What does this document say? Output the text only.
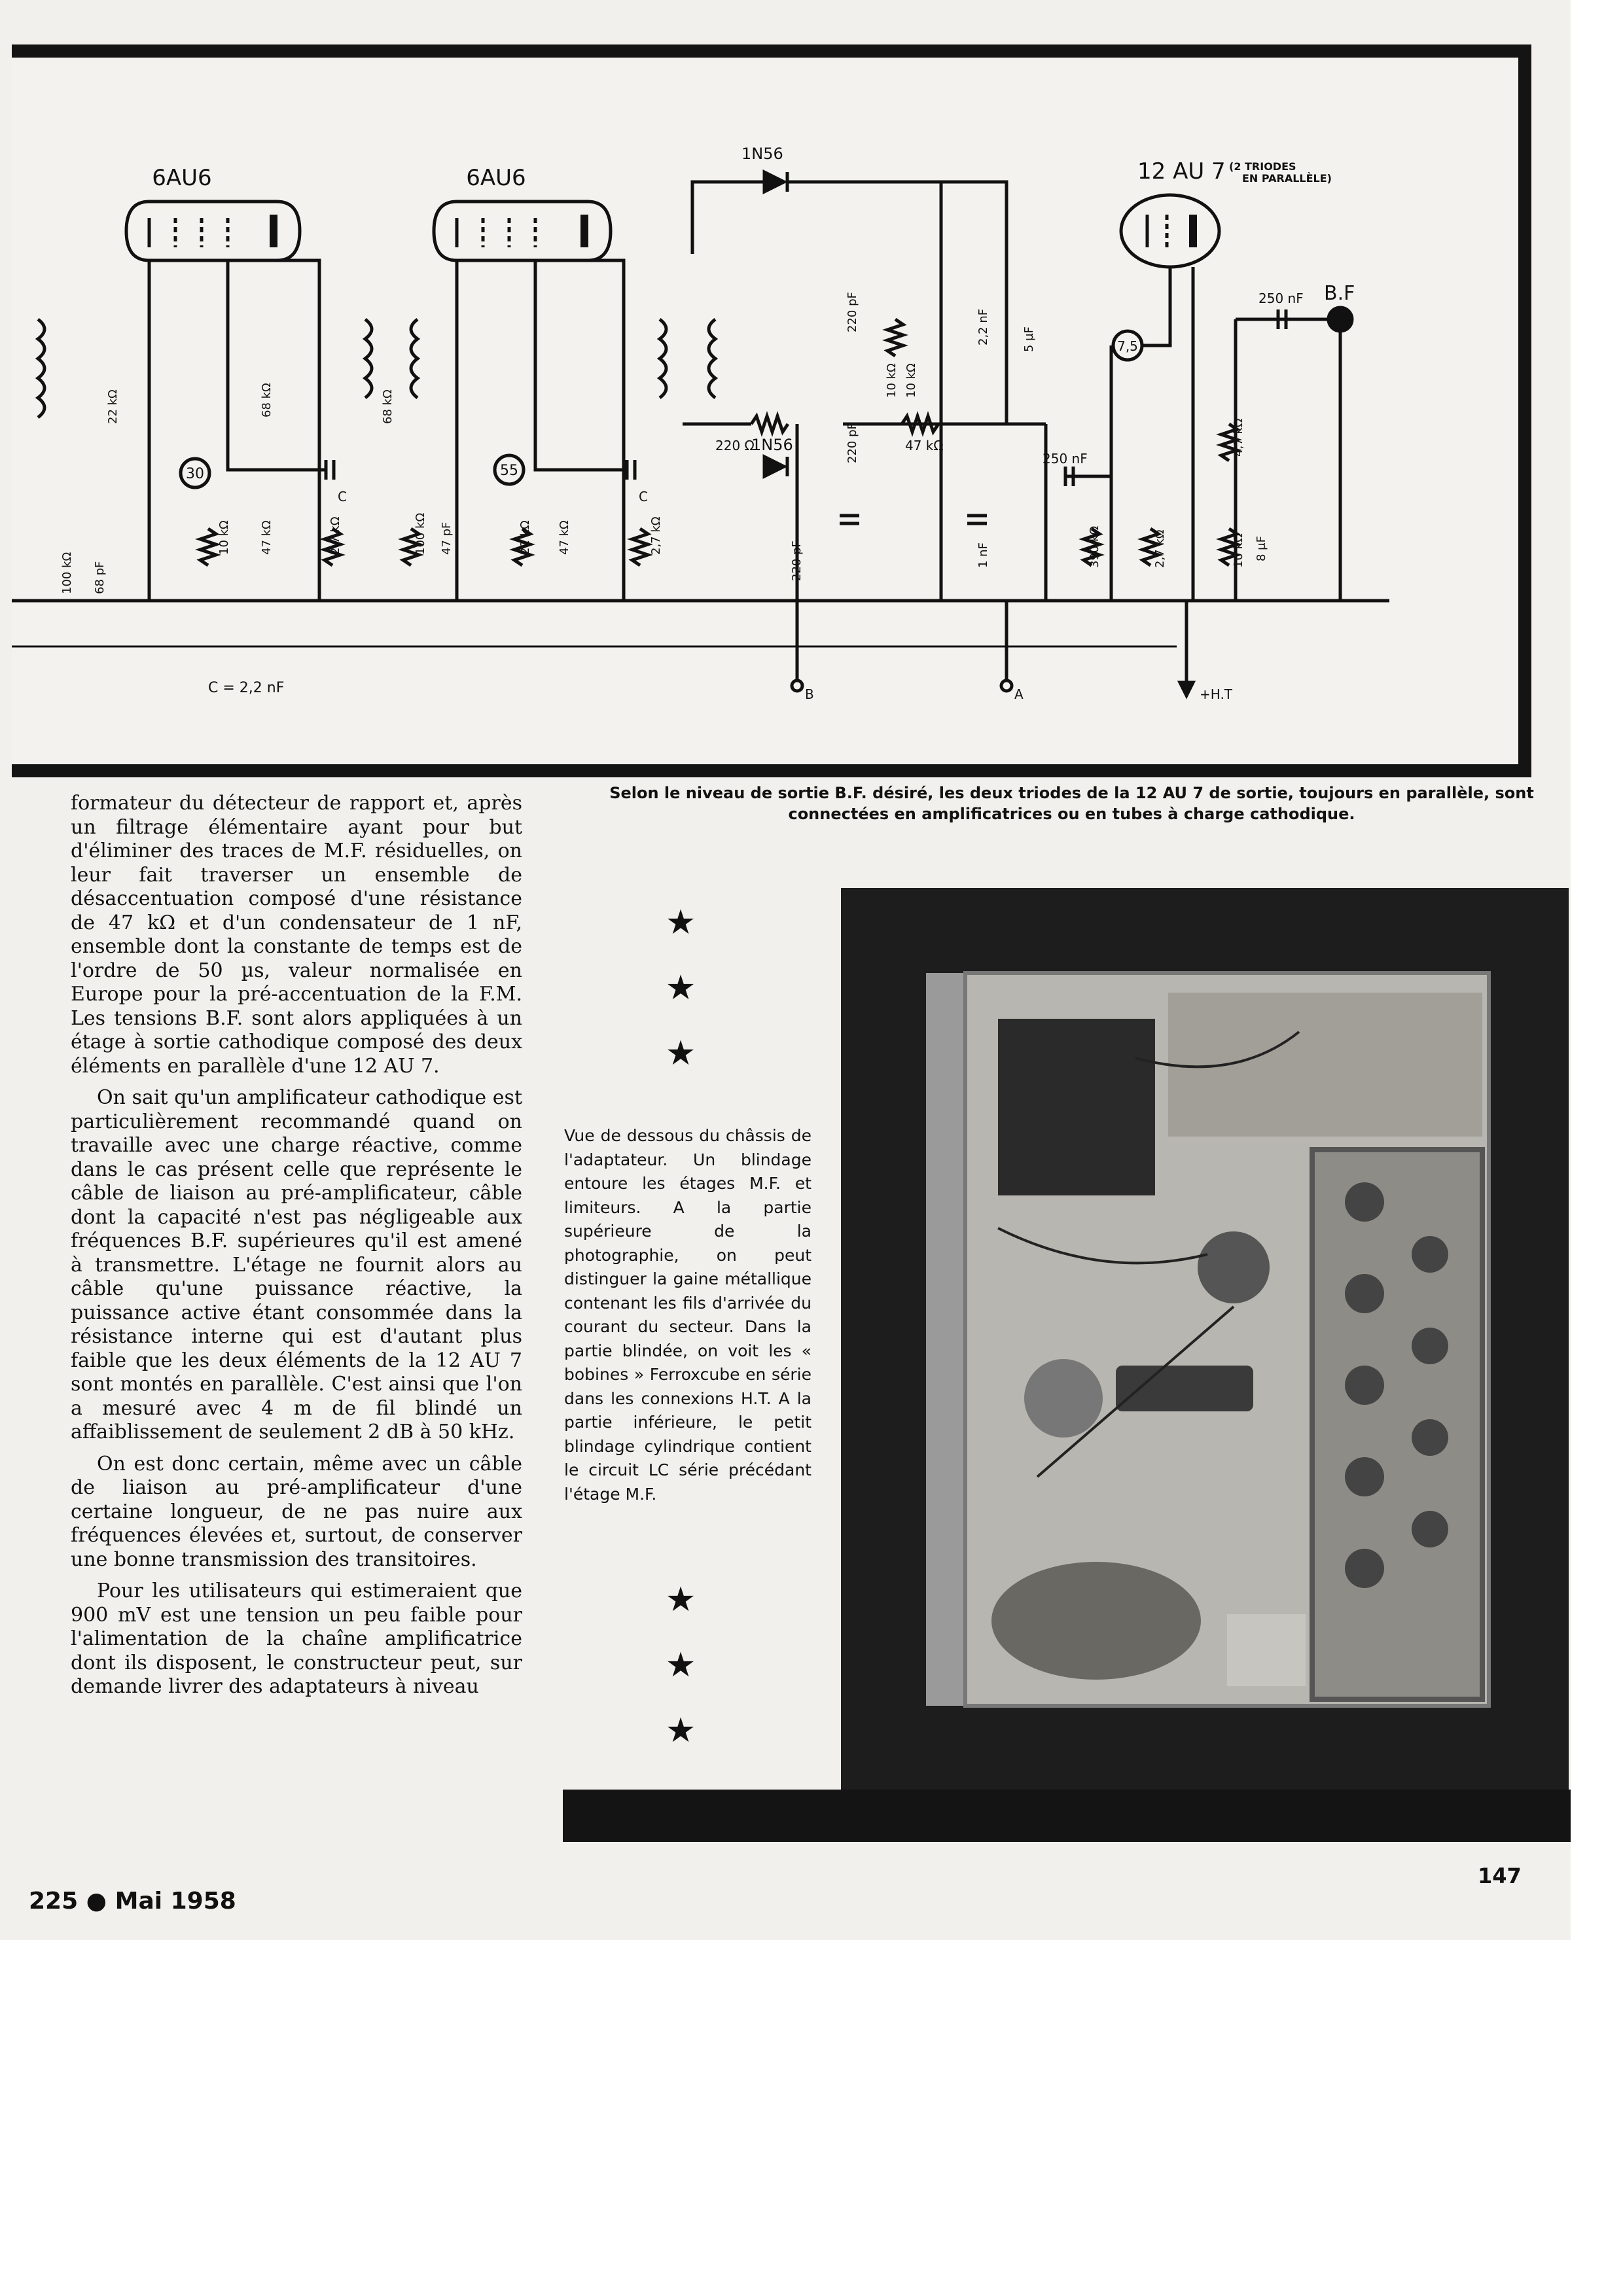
6AU6	6AU6	12 AU 7 (2 TRIODES
EN PARALLÈLE)
1N56
1N56
250 nF B.F
250 nF
30	55
7,5
C	C
C = 2,2 nF
220 Ω	47 kΩ
B	A	+H.T
22 kΩ	68 kΩ	68 kΩ
10 kΩ 47 kΩ	2,7 kΩ	100 kΩ 47 pF	22 kΩ 47 kΩ	2,7 kΩ
220 pF
220 pF
10 kΩ 10 kΩ
2,2 nF	5 µF
220 pF	1 nF	390 kΩ	2,7 kΩ	10 kΩ 8 µF
4,7 kΩ
100 kΩ 68 pF
Selon le niveau de sortie B.F. désiré, les deux triodes de la 12 AU 7 de sortie, toujours en parallèle, sont connectées en amplificatrices ou en tubes à charge cathodique.

formateur du détecteur de rapport et, après un filtrage élémentaire ayant pour but d'éliminer des traces de M.F. résiduelles, on leur fait traverser un ensemble de désaccentuation composé d'une résistance de 47 kΩ et d'un condensateur de 1 nF, ensemble dont la constante de temps est de l'ordre de 50 µs, valeur normalisée en Europe pour la pré-accentuation de la F.M. Les tensions B.F. sont alors appliquées à un étage à sortie cathodique composé des deux éléments en parallèle d'une 12 AU 7.

On sait qu'un amplificateur cathodique est particulièrement recommandé quand on travaille avec une charge réactive, comme dans le cas présent celle que représente le câble de liaison au pré-amplificateur, câble dont la capacité n'est pas négligeable aux fréquences B.F. supérieures qu'il est amené à transmettre. L'étage ne fournit alors au câble qu'une puissance réactive, la puissance active étant consommée dans la résistance interne qui est d'autant plus faible que les deux éléments de la 12 AU 7 sont montés en parallèle. C'est ainsi que l'on a mesuré avec 4 m de fil blindé un affaiblissement de seulement 2 dB à 50 kHz.

On est donc certain, même avec un câble de liaison au pré-amplificateur d'une certaine longueur, de ne pas nuire aux fréquences élevées et, surtout, de conserver une bonne transmission des transitoires.

Pour les utilisateurs qui estimeraient que 900 mV est une tension un peu faible pour l'alimentation de la chaîne amplificatrice dont ils disposent, le constructeur peut, sur demande livrer des adaptateurs à niveau

★ ★ ★
★ ★ ★
Vue de dessous du châssis de l'adaptateur. Un blindage entoure les étages M.F. et limiteurs. A la partie supérieure de la photographie, on peut distinguer la gaine métallique contenant les fils d'arrivée du courant du secteur. Dans la partie blindée, on voit les « bobines » Ferroxcube en série dans les connexions H.T. A la partie inférieure, le petit blindage cylindrique contient le circuit LC série précédant l'étage M.F.
225 ● Mai 1958
147
